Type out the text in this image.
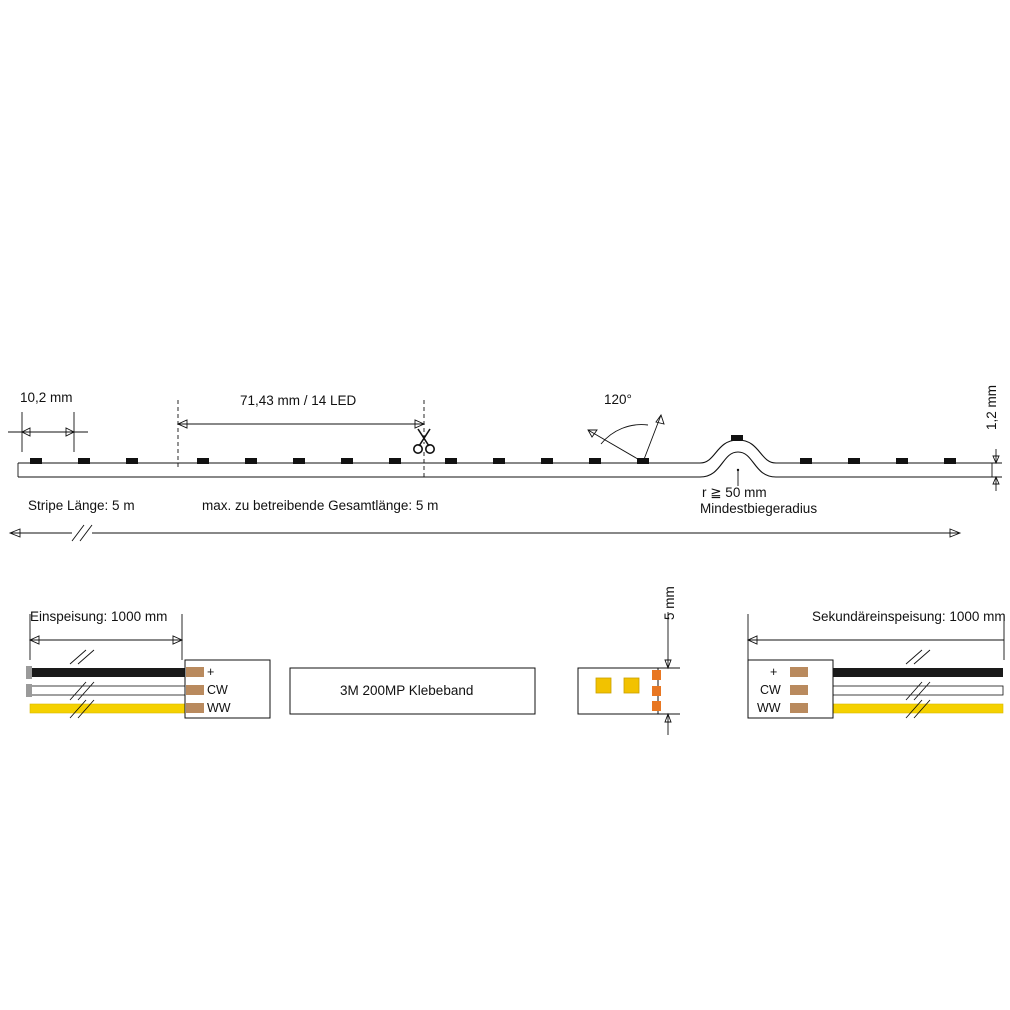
10,2 mm	71,43 mm / 14 LED	120°	1,2 mm
Stripe Länge: 5 m	max. zu betreibende Gesamtlänge: 5 m
r ≧ 50 mm
Mindestbiegeradius
Einspeisung: 1000 mm	Sekundäreinspeisung: 1000 mm
3M 200MP Klebeband
5 mm
+
CW
WW
+
CW
WW
